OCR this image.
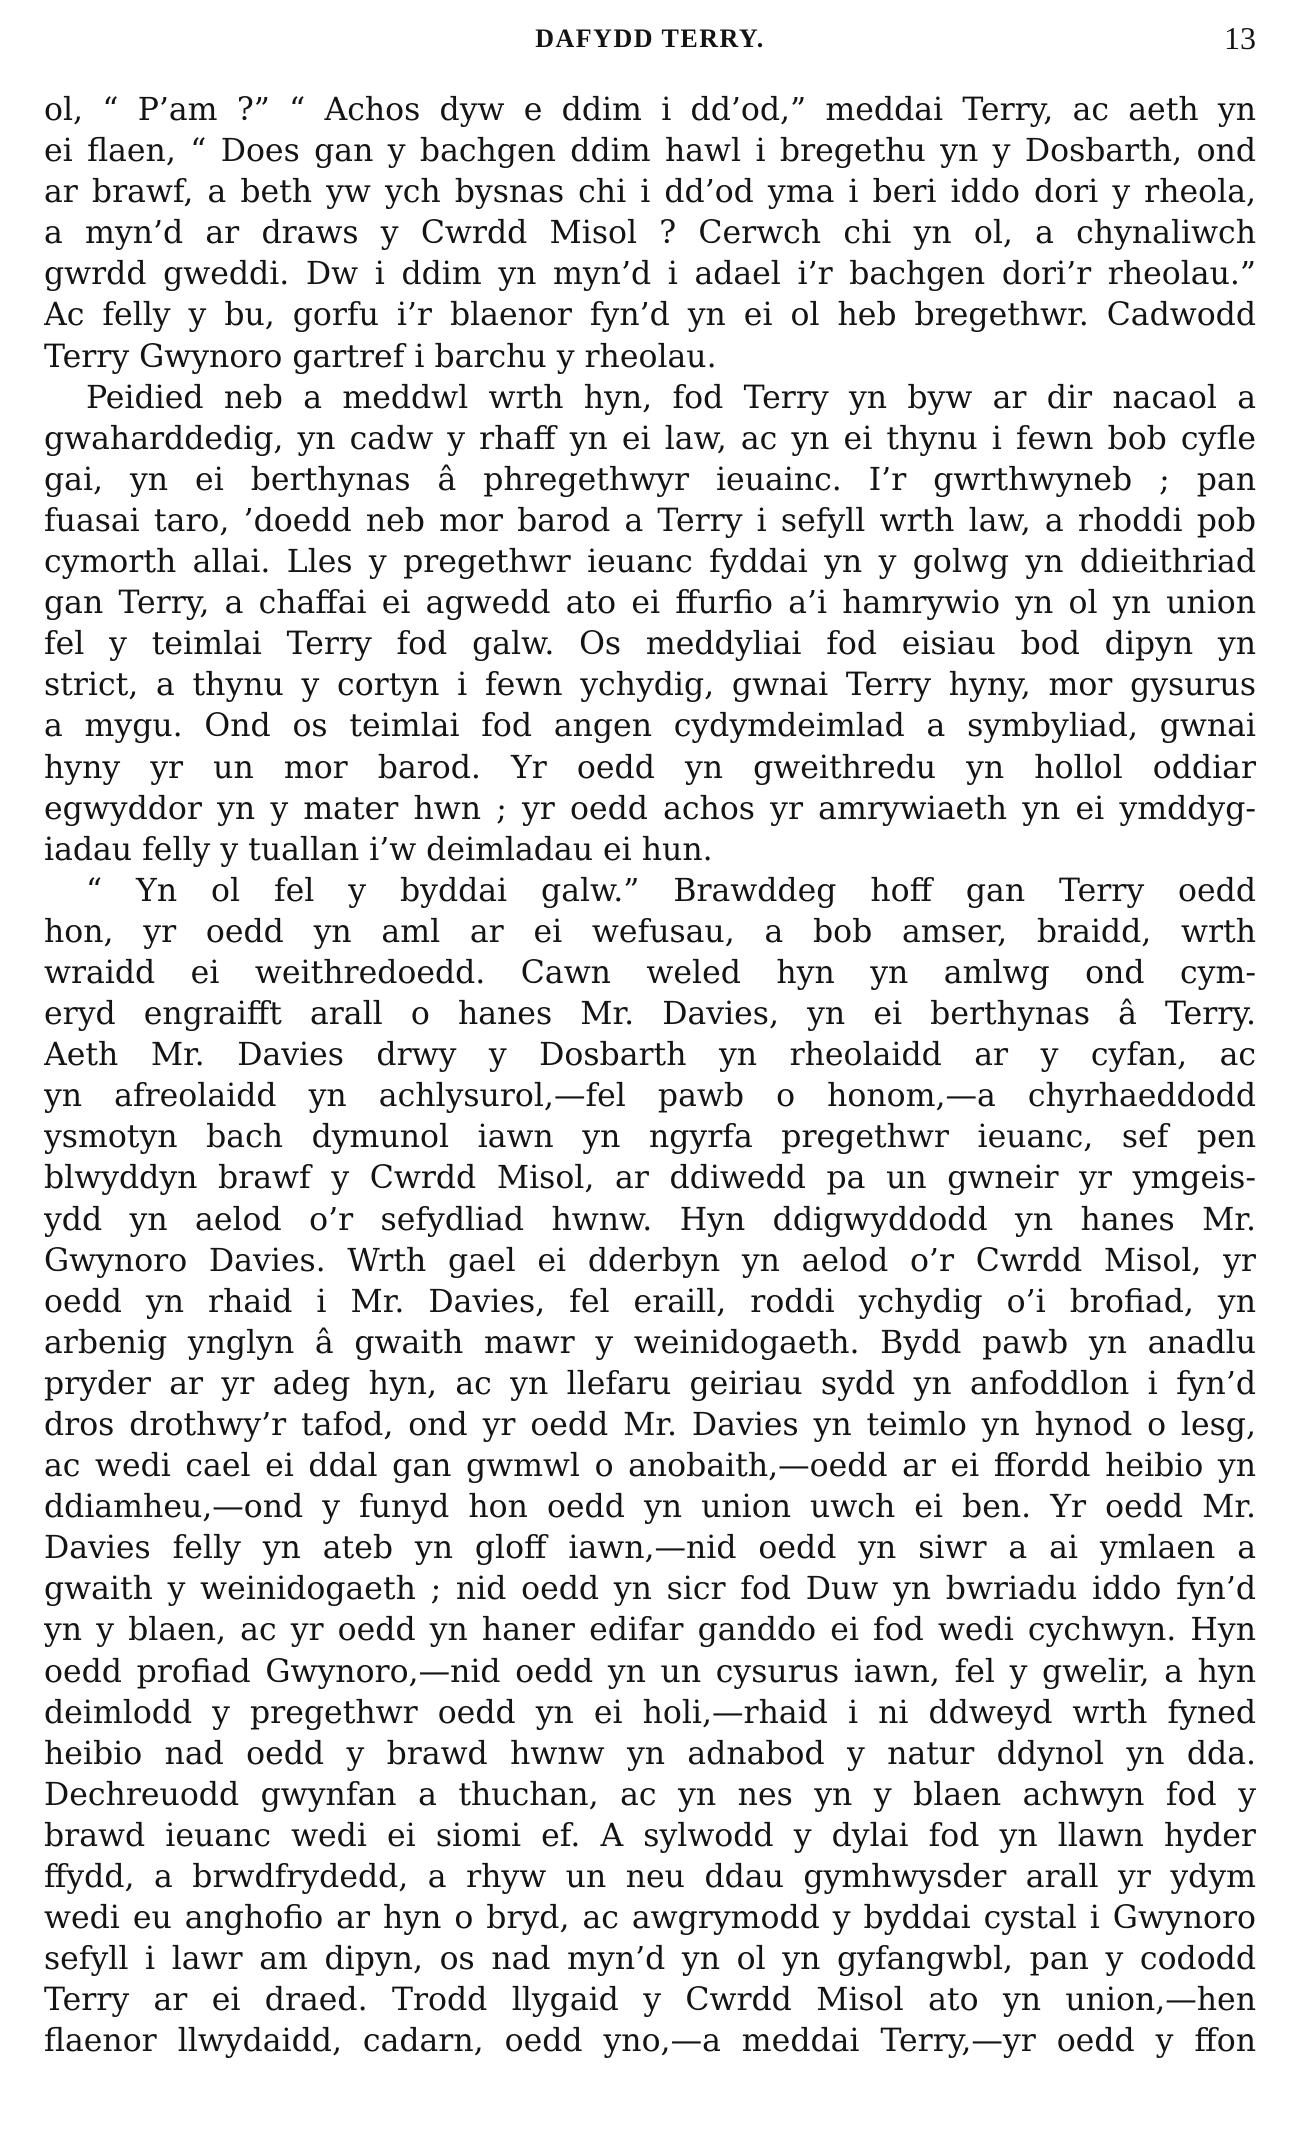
DAFYDD TERRY.	13
ol, “ P’am ?” “ Achos dyw e ddim i dd’od,” meddai Terry, ac aeth yn
ei flaen, “ Does gan y bachgen ddim hawl i bregethu yn y Dosbarth, ond
ar brawf, a beth yw ych bysnas chi i dd’od yma i beri iddo dori y rheola,
a myn’d ar draws y Cwrdd Misol ? Cerwch chi yn ol, a chynaliwch
gwrdd gweddi. Dw i ddim yn myn’d i adael i’r bachgen dori’r rheolau.”
Ac felly y bu, gorfu i’r blaenor fyn’d yn ei ol heb bregethwr. Cadwodd
Terry Gwynoro gartref i barchu y rheolau.
Peidied neb a meddwl wrth hyn, fod Terry yn byw ar dir nacaol a
gwaharddedig, yn cadw y rhaff yn ei law, ac yn ei thynu i fewn bob cyfle
gai, yn ei berthynas â phregethwyr ieuainc. I’r gwrthwyneb ; pan
fuasai taro, ’doedd neb mor barod a Terry i sefyll wrth law, a rhoddi pob
cymorth allai. Lles y pregethwr ieuanc fyddai yn y golwg yn ddieithriad
gan Terry, a chaffai ei agwedd ato ei ffurfio a’i hamrywio yn ol yn union
fel y teimlai Terry fod galw. Os meddyliai fod eisiau bod dipyn yn
strict, a thynu y cortyn i fewn ychydig, gwnai Terry hyny, mor gysurus
a mygu. Ond os teimlai fod angen cydymdeimlad a symbyliad, gwnai
hyny yr un mor barod. Yr oedd yn gweithredu yn hollol oddiar
egwyddor yn y mater hwn ; yr oedd achos yr amrywiaeth yn ei ymddyg-
iadau felly y tuallan i’w deimladau ei hun.
“ Yn ol fel y byddai galw.” Brawddeg hoff gan Terry oedd
hon, yr oedd yn aml ar ei wefusau, a bob amser, braidd, wrth
wraidd ei weithredoedd. Cawn weled hyn yn amlwg ond cym-
eryd engraifft arall o hanes Mr. Davies, yn ei berthynas â Terry.
Aeth Mr. Davies drwy y Dosbarth yn rheolaidd ar y cyfan, ac
yn afreolaidd yn achlysurol,—fel pawb o honom,—a chyrhaeddodd
ysmotyn bach dymunol iawn yn ngyrfa pregethwr ieuanc, sef pen
blwyddyn brawf y Cwrdd Misol, ar ddiwedd pa un gwneir yr ymgeis-
ydd yn aelod o’r sefydliad hwnw. Hyn ddigwyddodd yn hanes Mr.
Gwynoro Davies. Wrth gael ei dderbyn yn aelod o’r Cwrdd Misol, yr
oedd yn rhaid i Mr. Davies, fel eraill, roddi ychydig o’i brofiad, yn
arbenig ynglyn â gwaith mawr y weinidogaeth. Bydd pawb yn anadlu
pryder ar yr adeg hyn, ac yn llefaru geiriau sydd yn anfoddlon i fyn’d
dros drothwy’r tafod, ond yr oedd Mr. Davies yn teimlo yn hynod o lesg,
ac wedi cael ei ddal gan gwmwl o anobaith,—oedd ar ei ffordd heibio yn
ddiamheu,—ond y funyd hon oedd yn union uwch ei ben. Yr oedd Mr.
Davies felly yn ateb yn gloff iawn,—nid oedd yn siwr a ai ymlaen a
gwaith y weinidogaeth ; nid oedd yn sicr fod Duw yn bwriadu iddo fyn’d
yn y blaen, ac yr oedd yn haner edifar ganddo ei fod wedi cychwyn. Hyn
oedd profiad Gwynoro,—nid oedd yn un cysurus iawn, fel y gwelir, a hyn
deimlodd y pregethwr oedd yn ei holi,—rhaid i ni ddweyd wrth fyned
heibio nad oedd y brawd hwnw yn adnabod y natur ddynol yn dda.
Dechreuodd gwynfan a thuchan, ac yn nes yn y blaen achwyn fod y
brawd ieuanc wedi ei siomi ef. A sylwodd y dylai fod yn llawn hyder
ffydd, a brwdfrydedd, a rhyw un neu ddau gymhwysder arall yr ydym
wedi eu anghofio ar hyn o bryd, ac awgrymodd y byddai cystal i Gwynoro
sefyll i lawr am dipyn, os nad myn’d yn ol yn gyfangwbl, pan y cododd
Terry ar ei draed. Trodd llygaid y Cwrdd Misol ato yn union,—hen
flaenor llwydaidd, cadarn, oedd yno,—a meddai Terry,—yr oedd y ffon
